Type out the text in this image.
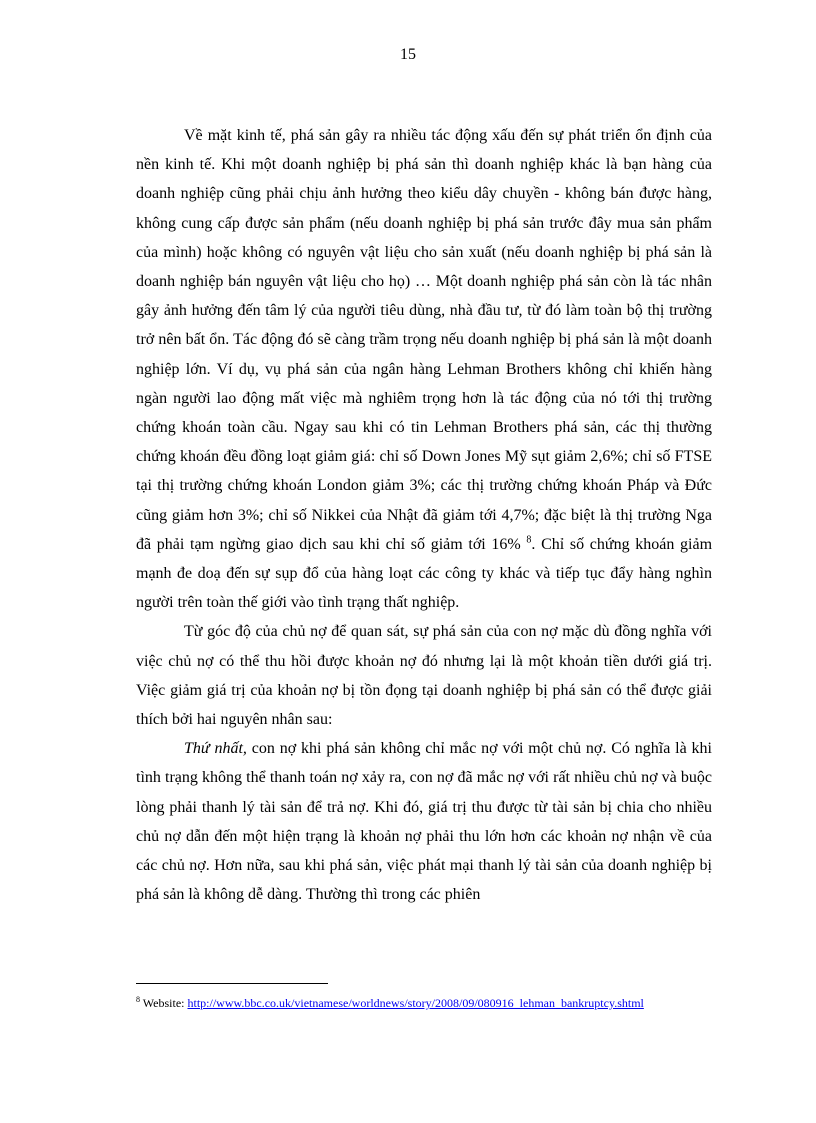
15

Về mặt kinh tế, phá sản gây ra nhiều tác động xấu đến sự phát triển ổn định của nền kinh tế. Khi một doanh nghiệp bị phá sản thì doanh nghiệp khác là bạn hàng của doanh nghiệp cũng phải chịu ảnh hưởng theo kiểu dây chuyền - không bán được hàng, không cung cấp được sản phẩm (nếu doanh nghiệp bị phá sản trước đây mua sản phẩm của mình) hoặc không có nguyên vật liệu cho sản xuất (nếu doanh nghiệp bị phá sản là doanh nghiệp bán nguyên vật liệu cho họ) … Một doanh nghiệp phá sản còn là tác nhân gây ảnh hưởng đến tâm lý của người tiêu dùng, nhà đầu tư, từ đó làm toàn bộ thị trường trở nên bất ổn. Tác động đó sẽ càng trầm trọng nếu doanh nghiệp bị phá sản là một doanh nghiệp lớn. Ví dụ, vụ phá sản của ngân hàng Lehman Brothers không chỉ khiến hàng ngàn người lao động mất việc mà nghiêm trọng hơn là tác động của nó tới thị trường chứng khoán toàn cầu. Ngay sau khi có tin Lehman Brothers phá sản, các thị thường chứng khoán đều đồng loạt giảm giá: chỉ số Down Jones Mỹ sụt giảm 2,6%; chỉ số FTSE tại thị trường chứng khoán London giảm 3%; các thị trường chứng khoán Pháp và Đức cũng giảm hơn 3%; chỉ số Nikkei của Nhật đã giảm tới 4,7%; đặc biệt là thị trường Nga đã phải tạm ngừng giao dịch sau khi chỉ số giảm tới 16% $^8$. Chỉ số chứng khoán giảm mạnh đe doạ đến sự sụp đổ của hàng loạt các công ty khác và tiếp tục đẩy hàng nghìn người trên toàn thế giới vào tình trạng thất nghiệp.

Từ góc độ của chủ nợ để quan sát, sự phá sản của con nợ mặc dù đồng nghĩa với việc chủ nợ có thể thu hồi được khoản nợ đó nhưng lại là một khoản tiền dưới giá trị. Việc giảm giá trị của khoản nợ bị tồn đọng tại doanh nghiệp bị phá sản có thể được giải thích bởi hai nguyên nhân sau:

Thứ nhất, con nợ khi phá sản không chỉ mắc nợ với một chủ nợ. Có nghĩa là khi tình trạng không thể thanh toán nợ xảy ra, con nợ đã mắc nợ với rất nhiều chủ nợ và buộc lòng phải thanh lý tài sản để trả nợ. Khi đó, giá trị thu được từ tài sản bị chia cho nhiều chủ nợ dẫn đến một hiện trạng là khoản nợ phải thu lớn hơn các khoản nợ nhận về của các chủ nợ. Hơn nữa, sau khi phá sản, việc phát mại thanh lý tài sản của doanh nghiệp bị phá sản là không dễ dàng. Thường thì trong các phiên

$^8$ Website: http://www.bbc.co.uk/vietnamese/worldnews/story/2008/09/080916_lehman_bankruptcy.shtml
